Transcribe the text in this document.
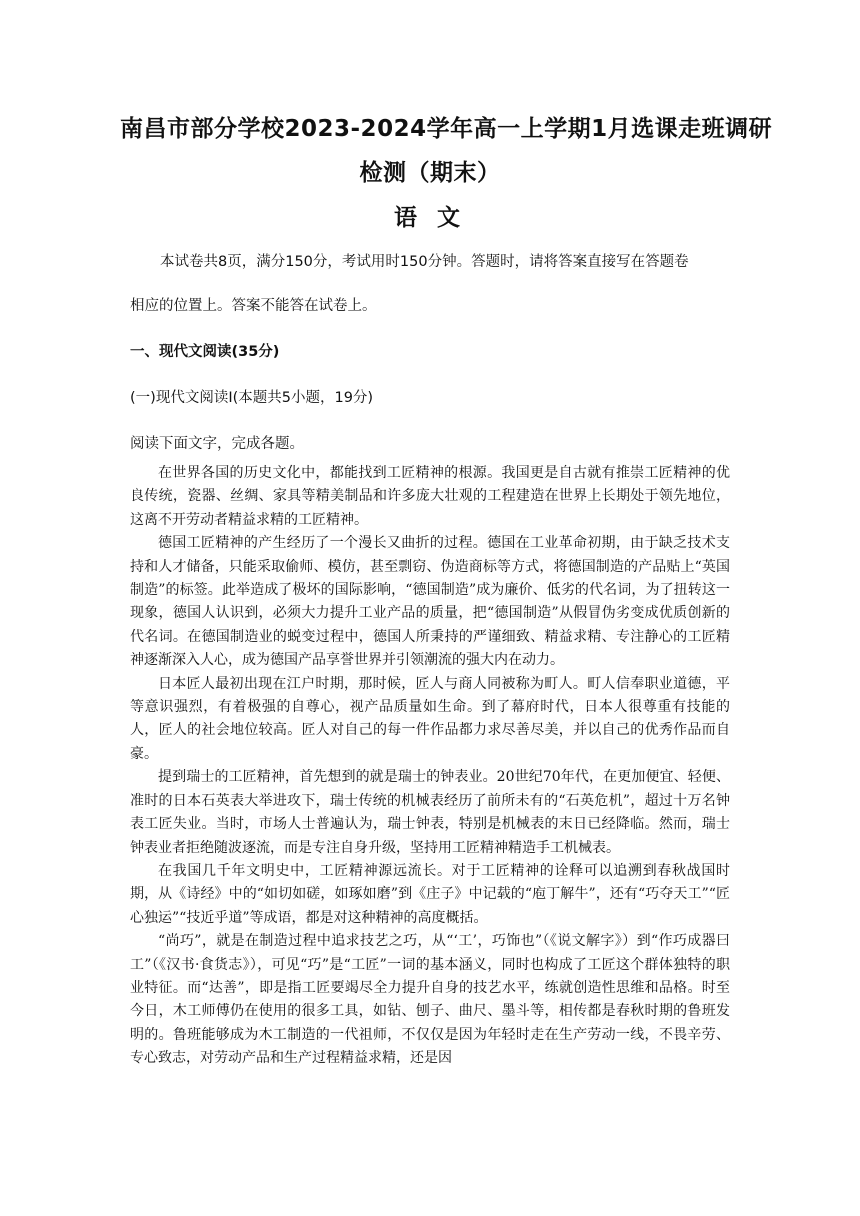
南昌市部分学校2023-2024学年高一上学期1月选课走班调研
检测（期末）
语 文
本试卷共8页，满分150分，考试用时150分钟。答题时，请将答案直接写在答题卷
相应的位置上。答案不能答在试卷上。
一、现代文阅读(35分)
(一)现代文阅读Ⅰ(本题共5小题，19分)
阅读下面文字，完成各题。

在世界各国的历史文化中，都能找到工匠精神的根源。我国更是自古就有推崇工匠精神的优良传统，瓷器、丝绸、家具等精美制品和许多庞大壮观的工程建造在世界上长期处于领先地位，这离不开劳动者精益求精的工匠精神。

德国工匠精神的产生经历了一个漫长又曲折的过程。德国在工业革命初期，由于缺乏技术支持和人才储备，只能采取偷师、模仿，甚至剽窃、伪造商标等方式，将德国制造的产品贴上“英国制造”的标签。此举造成了极坏的国际影响，“德国制造”成为廉价、低劣的代名词，为了扭转这一现象，德国人认识到，必须大力提升工业产品的质量，把“德国制造”从假冒伪劣变成优质创新的代名词。在德国制造业的蜕变过程中，德国人所秉持的严谨细致、精益求精、专注静心的工匠精神逐渐深入人心，成为德国产品享誉世界并引领潮流的强大内在动力。

日本匠人最初出现在江户时期，那时候，匠人与商人同被称为町人。町人信奉职业道德，平等意识强烈，有着极强的自尊心，视产品质量如生命。到了幕府时代，日本人很尊重有技能的人，匠人的社会地位较高。匠人对自己的每一件作品都力求尽善尽美，并以自己的优秀作品而自豪。

提到瑞士的工匠精神，首先想到的就是瑞士的钟表业。20世纪70年代，在更加便宜、轻便、准时的日本石英表大举进攻下，瑞士传统的机械表经历了前所未有的“石英危机”，超过十万名钟表工匠失业。当时，市场人士普遍认为，瑞士钟表，特别是机械表的末日已经降临。然而，瑞士钟表业者拒绝随波逐流，而是专注自身升级，坚持用工匠精神精造手工机械表。

在我国几千年文明史中，工匠精神源远流长。对于工匠精神的诠释可以追溯到春秋战国时期，从《诗经》中的“如切如磋，如琢如磨”到《庄子》中记载的“庖丁解牛”，还有“巧夺天工”“匠心独运”“技近乎道”等成语，都是对这种精神的高度概括。

“尚巧”，就是在制造过程中追求技艺之巧，从“‘工’，巧饰也”（《说文解字》）到“作巧成器曰工”（《汉书·食货志》），可见“巧”是“工匠”一词的基本涵义，同时也构成了工匠这个群体独特的职业特征。而“达善”，即是指工匠要竭尽全力提升自身的技艺水平，练就创造性思维和品格。时至今日，木工师傅仍在使用的很多工具，如钻、刨子、曲尺、墨斗等，相传都是春秋时期的鲁班发明的。鲁班能够成为木工制造的一代祖师，不仅仅是因为年轻时走在生产劳动一线，不畏辛劳、专心致志，对劳动产品和生产过程精益求精，还是因
